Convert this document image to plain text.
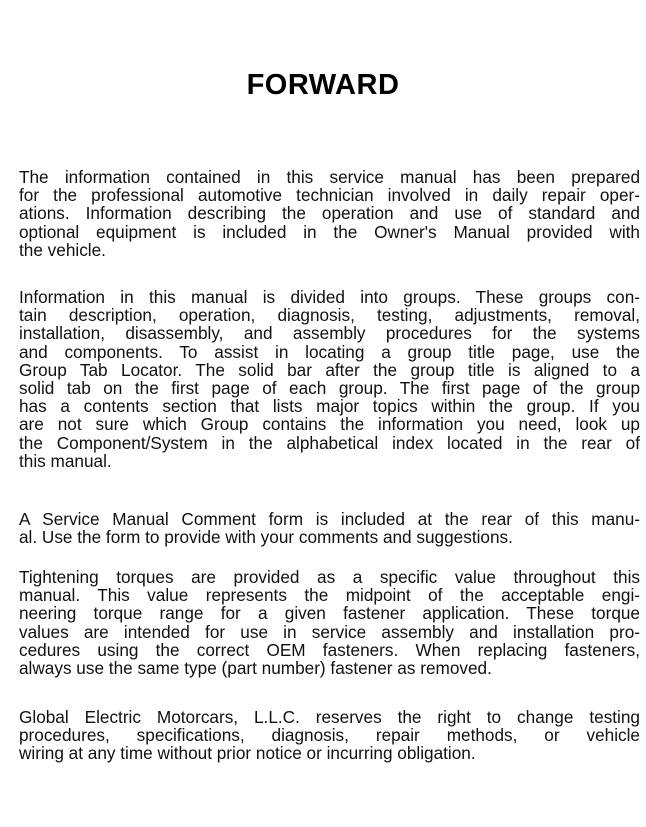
FORWARD
The information contained in this service manual has been prepared
for the professional automotive technician involved in daily repair oper-
ations. Information describing the operation and use of standard and
optional equipment is included in the Owner's Manual provided with
the vehicle.
Information in this manual is divided into groups. These groups con-
tain description, operation, diagnosis, testing, adjustments, removal,
installation, disassembly, and assembly procedures for the systems
and components. To assist in locating a group title page, use the
Group Tab Locator. The solid bar after the group title is aligned to a
solid tab on the first page of each group. The first page of the group
has a contents section that lists major topics within the group. If you
are not sure which Group contains the information you need, look up
the Component/System in the alphabetical index located in the rear of
this manual.
A Service Manual Comment form is included at the rear of this manu-
al. Use the form to provide with your comments and suggestions.
Tightening torques are provided as a specific value throughout this
manual. This value represents the midpoint of the acceptable engi-
neering torque range for a given fastener application. These torque
values are intended for use in service assembly and installation pro-
cedures using the correct OEM fasteners. When replacing fasteners,
always use the same type (part number) fastener as removed.
Global Electric Motorcars, L.L.C. reserves the right to change testing
procedures, specifications, diagnosis, repair methods, or vehicle
wiring at any time without prior notice or incurring obligation.
